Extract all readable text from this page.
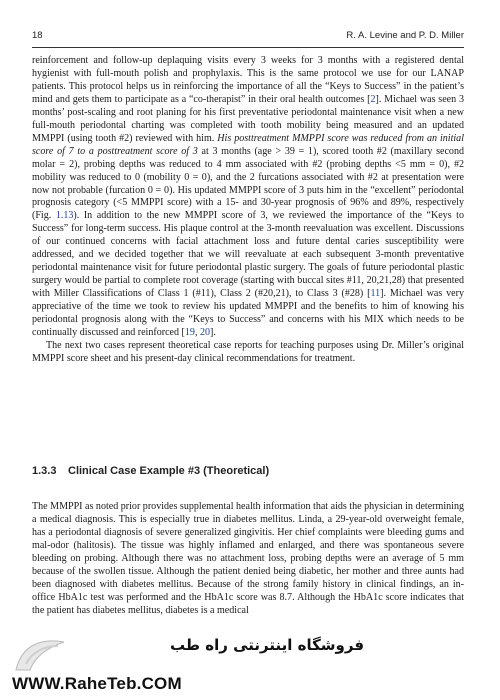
18	R. A. Levine and P. D. Miller

reinforcement and follow-up deplaquing visits every 3 weeks for 3 months with a registered dental hygienist with full-mouth polish and prophylaxis. This is the same protocol we use for our LANAP patients. This protocol helps us in reinforcing the importance of all the “Keys to Success” in the patient’s mind and gets them to participate as a “co-therapist” in their oral health outcomes [2]. Michael was seen 3 months’ post-scaling and root planing for his first preventative periodontal maintenance visit when a new full-mouth periodontal charting was completed with tooth mobility being measured and an updated MMPPI (using tooth #2) reviewed with him. His posttreatment MMPPI score was reduced from an initial score of 7 to a posttreatment score of 3 at 3 months (age > 39 = 1), scored tooth #2 (maxillary second molar = 2), probing depths was reduced to 4 mm associated with #2 (probing depths <5 mm = 0), #2 mobility was reduced to 0 (mobility 0 = 0), and the 2 furcations associated with #2 at presentation were now not probable (furcation 0 = 0). His updated MMPPI score of 3 puts him in the “excellent” periodontal prognosis category (<5 MMPPI score) with a 15- and 30-year prognosis of 96% and 89%, respectively (Fig. 1.13). In addition to the new MMPPI score of 3, we reviewed the importance of the “Keys to Success” for long-term success. His plaque control at the 3-month reevaluation was excellent. Discussions of our continued concerns with facial attachment loss and future dental caries susceptibility were addressed, and we decided together that we will reevaluate at each subsequent 3-month preventative periodontal maintenance visit for future periodontal plastic surgery. The goals of future periodontal plastic surgery would be partial to complete root coverage (starting with buccal sites #11, 20,21,28) that presented with Miller Classifications of Class 1 (#11), Class 2 (#20,21), to Class 3 (#28) [11]. Michael was very appreciative of the time we took to review his updated MMPPI and the benefits to him of knowing his periodontal prognosis along with the “Keys to Success” and concerns with his MIX which needs to be continually discussed and reinforced [19, 20].

The next two cases represent theoretical case reports for teaching purposes using Dr. Miller’s original MMPPI score sheet and his present-day clinical recommendations for treatment.

1.3.3 Clinical Case Example #3 (Theoretical)

The MMPPI as noted prior provides supplemental health information that aids the physician in determining a medical diagnosis. This is especially true in diabetes mellitus. Linda, a 29-year-old overweight female, has a periodontal diagnosis of severe generalized gingivitis. Her chief complaints were bleeding gums and mal-odor (halitosis). The tissue was highly inflamed and enlarged, and there was spontaneous severe bleeding on probing. Although there was no attachment loss, probing depths were an average of 5 mm because of the swollen tissue. Although the patient denied being diabetic, her mother and three aunts had been diagnosed with diabetes mellitus. Because of the strong family history in clinical findings, an in-office HbA1c test was performed and the HbA1c score was 8.7. Although the HbA1c score indicates that the patient has diabetes mellitus, diabetes is a medical

فروشگاه اینترنتی راه طب
WWW.RaheTeb.COM
